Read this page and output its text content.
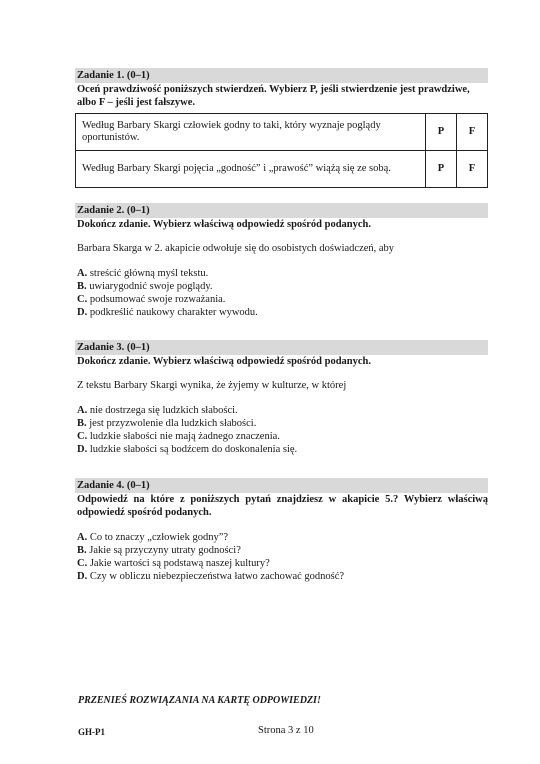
Zadanie 1. (0–1)
Oceń prawdziwość poniższych stwierdzeń. Wybierz P, jeśli stwierdzenie jest prawdziwe, albo F – jeśli jest fałszywe.
Według Barbary Skargi człowiek godny to taki, który wyznaje poglądy oportunistów.	P	F
Według Barbary Skargi pojęcia „godność” i „prawość” wiążą się ze sobą.	P	F
Zadanie 2. (0–1)
Dokończ zdanie. Wybierz właściwą odpowiedź spośród podanych.
Barbara Skarga w 2. akapicie odwołuje się do osobistych doświadczeń, aby
A. streścić główną myśl tekstu.
B. uwiarygodnić swoje poglądy.
C. podsumować swoje rozważania.
D. podkreślić naukowy charakter wywodu.
Zadanie 3. (0–1)
Dokończ zdanie. Wybierz właściwą odpowiedź spośród podanych.
Z tekstu Barbary Skargi wynika, że żyjemy w kulturze, w której
A. nie dostrzega się ludzkich słabości.
B. jest przyzwolenie dla ludzkich słabości.
C. ludzkie słabości nie mają żadnego znaczenia.
D. ludzkie słabości są bodźcem do doskonalenia się.
Zadanie 4. (0–1)
Odpowiedź na które z poniższych pytań znajdziesz w akapicie 5.? Wybierz właściwą odpowiedź spośród podanych.
A. Co to znaczy „człowiek godny”?
B. Jakie są przyczyny utraty godności?
C. Jakie wartości są podstawą naszej kultury?
D. Czy w obliczu niebezpieczeństwa łatwo zachować godność?
PRZENIEŚ ROZWIĄZANIA NA KARTĘ ODPOWIEDZI!
GH-P1	Strona 3 z 10
